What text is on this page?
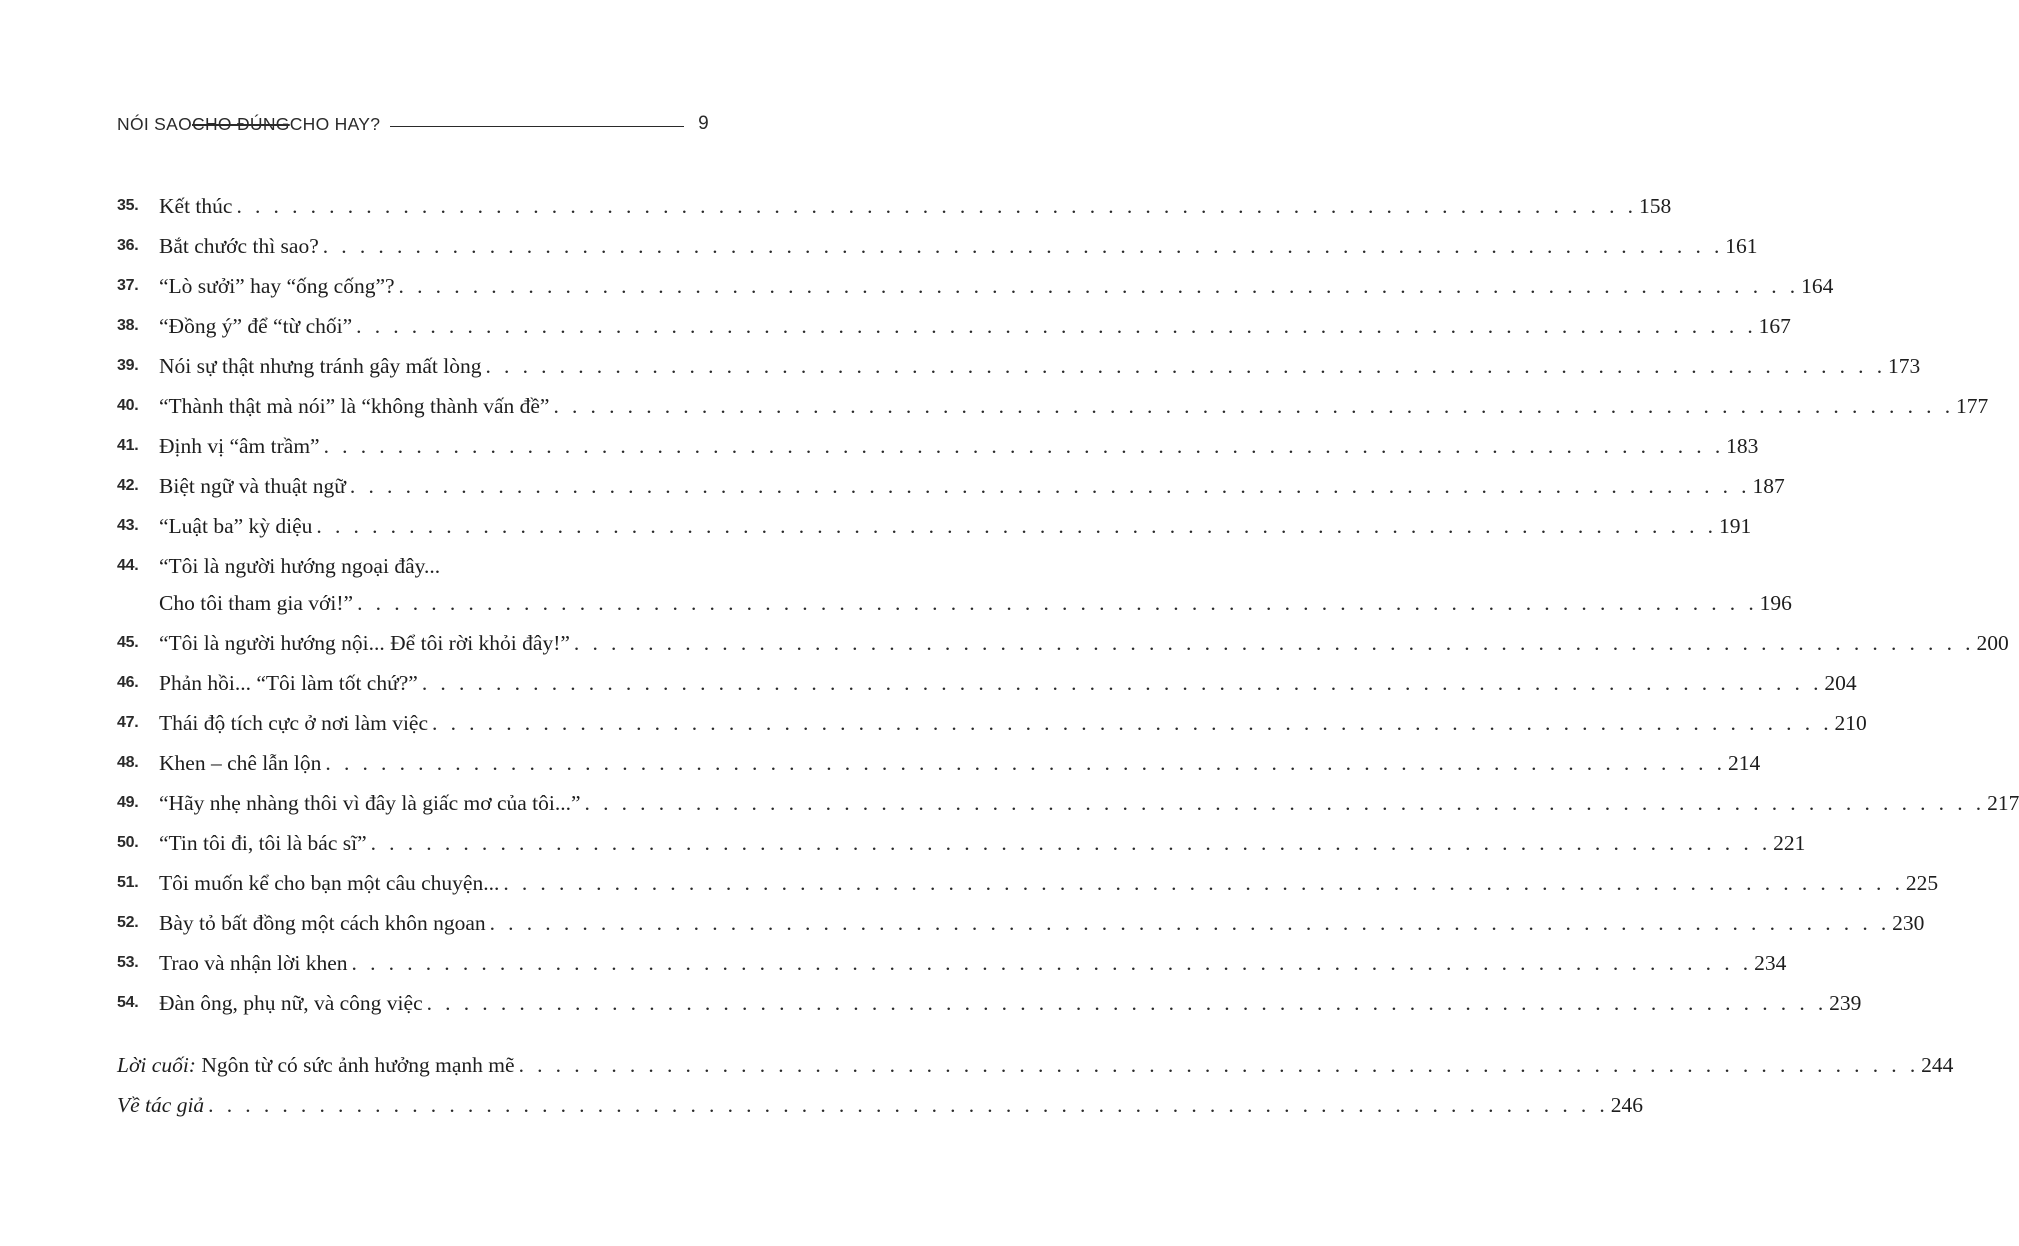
NÓI SAO CHO ĐÚNG CHO HAY?	9
35. Kết thúc . . . . . . . . . . . . . . . . . . . . . . . . . . . . . . . . . . . . . . . . . . . . . . . . . . . . . . . . . . . . . . . . . . . . . . . . . . . . 158
36. Bắt chước thì sao? . . . . . . . . . . . . . . . . . . . . . . . . . . . . . . . . . . . . . . . . . . . . . . . . . . . . . . . . . . . . . . . . . . . . . . . . . . . . 161
37. “Lò sưởi” hay “ống cống”? . . . . . . . . . . . . . . . . . . . . . . . . . . . . . . . . . . . . . . . . . . . . . . . . . . . . . . . . . . . . . . . . . . . . . . . . . . . . 164
38. “Đồng ý” để “từ chối” . . . . . . . . . . . . . . . . . . . . . . . . . . . . . . . . . . . . . . . . . . . . . . . . . . . . . . . . . . . . . . . . . . . . . . . . . . . . 167
39. Nói sự thật nhưng tránh gây mất lòng . . . . . . . . . . . . . . . . . . . . . . . . . . . . . . . . . . . . . . . . . . . . . . . . . . . . . . . . . . . . . . . . . . . . . . . . . . . . 173
40. “Thành thật mà nói” là “không thành vấn đề” . . . . . . . . . . . . . . . . . . . . . . . . . . . . . . . . . . . . . . . . . . . . . . . . . . . . . . . . . . . . . . . . . . . . . . . . . . . . 177
41. Định vị “âm trầm” . . . . . . . . . . . . . . . . . . . . . . . . . . . . . . . . . . . . . . . . . . . . . . . . . . . . . . . . . . . . . . . . . . . . . . . . . . . . 183
42. Biệt ngữ và thuật ngữ . . . . . . . . . . . . . . . . . . . . . . . . . . . . . . . . . . . . . . . . . . . . . . . . . . . . . . . . . . . . . . . . . . . . . . . . . . . . 187
43. “Luật ba” kỳ diệu . . . . . . . . . . . . . . . . . . . . . . . . . . . . . . . . . . . . . . . . . . . . . . . . . . . . . . . . . . . . . . . . . . . . . . . . . . . . 191
44. “Tôi là người hướng ngoại đây...
Cho tôi tham gia với!” . . . . . . . . . . . . . . . . . . . . . . . . . . . . . . . . . . . . . . . . . . . . . . . . . . . . . . . . . . . . . . . . . . . . . . . . . . . . 196
45. “Tôi là người hướng nội... Để tôi rời khỏi đây!” . . . . . . . . . . . . . . . . . . . . . . . . . . . . . . . . . . . . . . . . . . . . . . . . . . . . . . . . . . . . . . . . . . . . . . . . . . . . 200
46. Phản hồi... “Tôi làm tốt chứ?” . . . . . . . . . . . . . . . . . . . . . . . . . . . . . . . . . . . . . . . . . . . . . . . . . . . . . . . . . . . . . . . . . . . . . . . . . . . . 204
47. Thái độ tích cực ở nơi làm việc . . . . . . . . . . . . . . . . . . . . . . . . . . . . . . . . . . . . . . . . . . . . . . . . . . . . . . . . . . . . . . . . . . . . . . . . . . . . 210
48. Khen – chê lẫn lộn . . . . . . . . . . . . . . . . . . . . . . . . . . . . . . . . . . . . . . . . . . . . . . . . . . . . . . . . . . . . . . . . . . . . . . . . . . . . 214
49. “Hãy nhẹ nhàng thôi vì đây là giấc mơ của tôi...” . . . . . . . . . . . . . . . . . . . . . . . . . . . . . . . . . . . . . . . . . . . . . . . . . . . . . . . . . . . . . . . . . . . . . . . . . . . . 217
50. “Tin tôi đi, tôi là bác sĩ” . . . . . . . . . . . . . . . . . . . . . . . . . . . . . . . . . . . . . . . . . . . . . . . . . . . . . . . . . . . . . . . . . . . . . . . . . . . . 221
51. Tôi muốn kể cho bạn một câu chuyện... . . . . . . . . . . . . . . . . . . . . . . . . . . . . . . . . . . . . . . . . . . . . . . . . . . . . . . . . . . . . . . . . . . . . . . . . . . . . 225
52. Bày tỏ bất đồng một cách khôn ngoan . . . . . . . . . . . . . . . . . . . . . . . . . . . . . . . . . . . . . . . . . . . . . . . . . . . . . . . . . . . . . . . . . . . . . . . . . . . . 230
53. Trao và nhận lời khen . . . . . . . . . . . . . . . . . . . . . . . . . . . . . . . . . . . . . . . . . . . . . . . . . . . . . . . . . . . . . . . . . . . . . . . . . . . . 234
54. Đàn ông, phụ nữ, và công việc . . . . . . . . . . . . . . . . . . . . . . . . . . . . . . . . . . . . . . . . . . . . . . . . . . . . . . . . . . . . . . . . . . . . . . . . . . . . 239
Lời cuối: Ngôn từ có sức ảnh hưởng mạnh mẽ . . . . . . . . . . . . . . . . . . . . . . . . . . . . . . . . . . . . . . . . . . . . . . . . . . . . . . . . . . . . . . . . . . . . . . . . . . . . 244
Về tác giả . . . . . . . . . . . . . . . . . . . . . . . . . . . . . . . . . . . . . . . . . . . . . . . . . . . . . . . . . . . . . . . . . . . . . . . . . . . . 246
